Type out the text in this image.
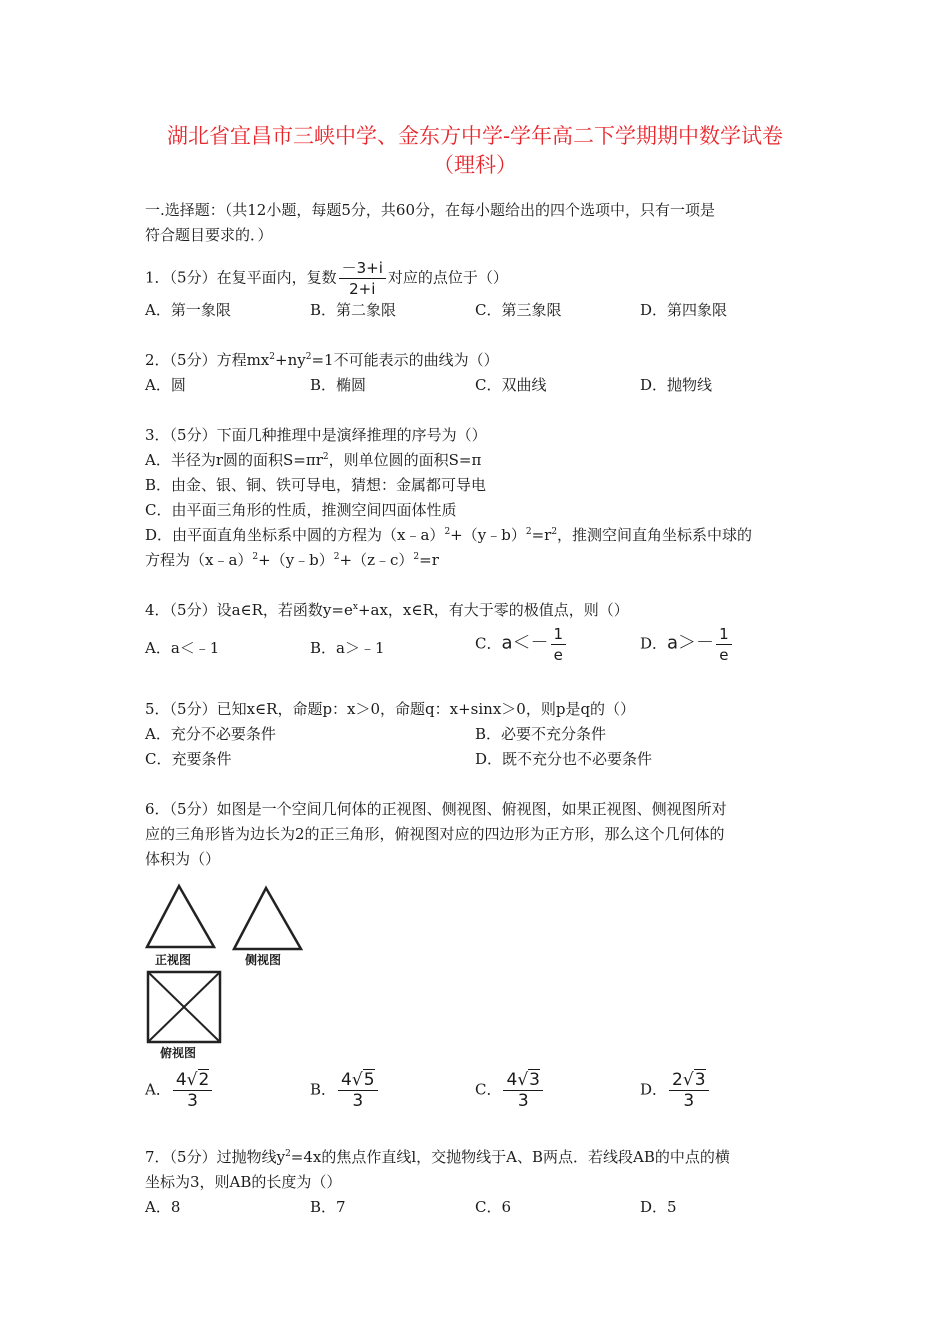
湖北省宜昌市三峡中学、金东方中学-学年高二下学期期中数学试卷
（理科）
一.选择题：（共12小题，每题5分，共60分，在每小题给出的四个选项中，只有一项是
符合题目要求的．）
1．（5分）在复平面内，复数 $\frac{-3+i}{2+i}$ 对应的点位于（）
A．第一象限	B．第二象限	C．第三象限	D．第四象限
2．（5分）方程$mx^2+ny^2=1$不可能表示的曲线为（）
A．圆	B．椭圆	C．双曲线	D．抛物线
3．（5分）下面几种推理中是演绎推理的序号为（）
A．半径为r圆的面积$S=\pi r^2$，则单位圆的面积S=π
B．由金、银、铜、铁可导电，猜想：金属都可导电
C．由平面三角形的性质，推测空间四面体性质
D．由平面直角坐标系中圆的方程为$(x﹣a)^2+(y﹣b)^2=r^2$，推测空间直角坐标系中球的
方程为（x﹣a）$^2$+（y﹣b）$^2$+（z﹣c）$^2$=r
4．（5分）设a∈R，若函数$y=e^x+ax$，x∈R，有大于零的极值点，则（）
A．a＜﹣1	B．a＞﹣1	C．$a<- \frac{1}{e}$	D．$a>- \frac{1}{e}$
5．（5分）已知x∈R，命题p：x＞0，命题q：x+sinx＞0，则p是q的（）
A．充分不必要条件	B．必要不充分条件
C．充要条件	D．既不充分也不必要条件
6．（5分）如图是一个空间几何体的正视图、侧视图、俯视图，如果正视图、侧视图所对
应的三角形皆为边长为2的正三角形，俯视图对应的四边形为正方形，那么这个几何体的
体积为（）
正视图	侧视图
俯视图
A． $\frac{4√2}{3}$	B． $\frac{4√5}{3}$	C． $\frac{4√3}{3}$	D． $\frac{2√3}{3}$
7．（5分）过抛物线$y^2=4x$的焦点作直线l，交抛物线于A、B两点．若线段AB的中点的横
坐标为3，则AB的长度为（）
A．8	B．7	C．6	D．5
